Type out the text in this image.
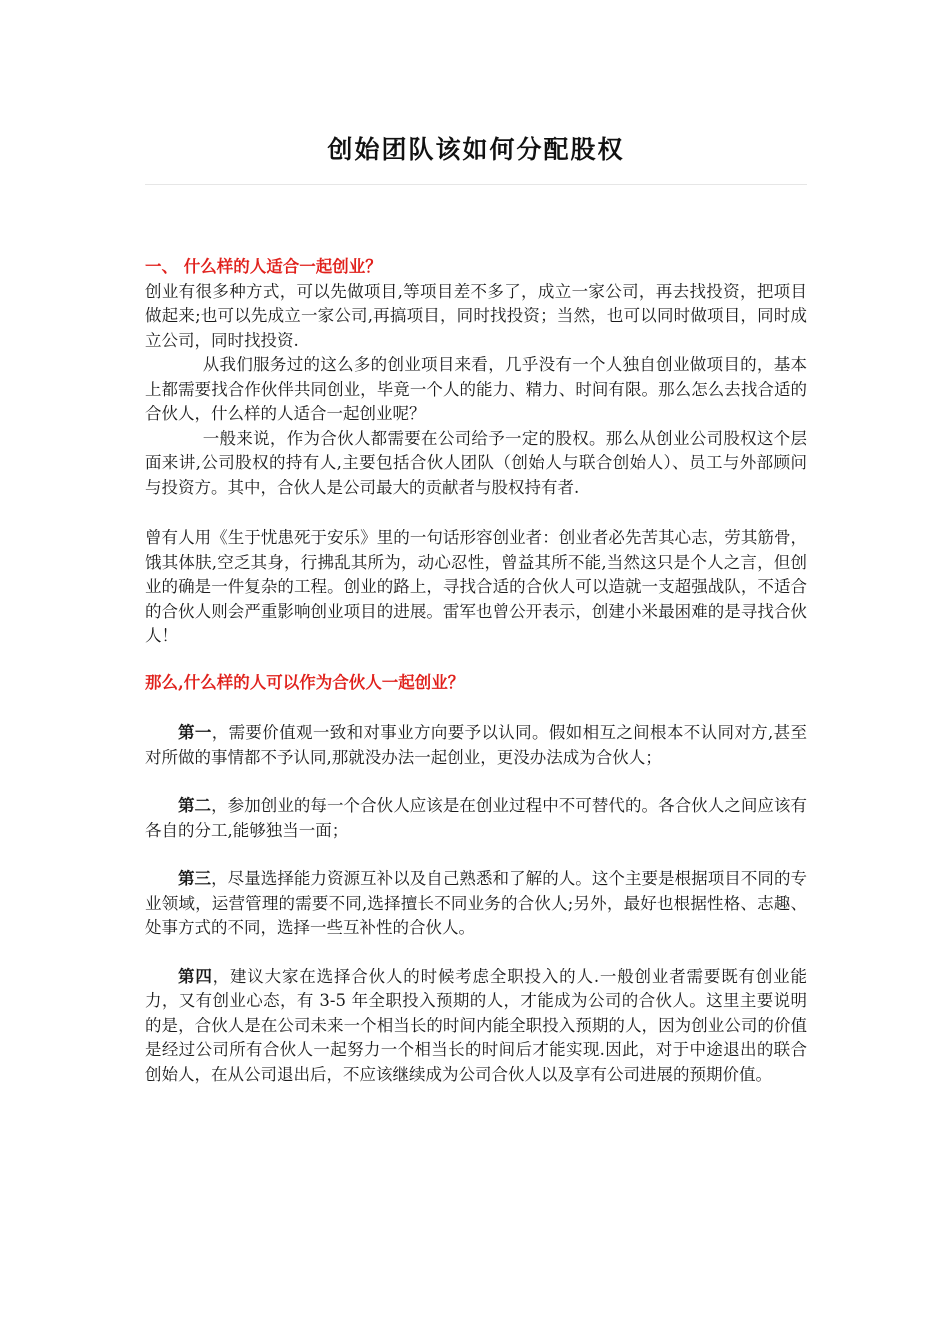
创始团队该如何分配股权
一、 什么样的人适合一起创业？

创业有很多种方式，可以先做项目,等项目差不多了，成立一家公司，再去找投资，把项目做起来;也可以先成立一家公司,再搞项目，同时找投资；当然，也可以同时做项目，同时成立公司，同时找投资.

从我们服务过的这么多的创业项目来看，几乎没有一个人独自创业做项目的，基本上都需要找合作伙伴共同创业，毕竟一个人的能力、精力、时间有限。那么怎么去找合适的合伙人，什么样的人适合一起创业呢？

一般来说，作为合伙人都需要在公司给予一定的股权。那么从创业公司股权这个层面来讲,公司股权的持有人,主要包括合伙人团队（创始人与联合创始人）、员工与外部顾问与投资方。其中，合伙人是公司最大的贡献者与股权持有者.

曾有人用《生于忧患死于安乐》里的一句话形容创业者：创业者必先苦其心志，劳其筋骨，饿其体肤,空乏其身，行拂乱其所为，动心忍性，曾益其所不能,当然这只是个人之言，但创业的确是一件复杂的工程。创业的路上，寻找合适的合伙人可以造就一支超强战队，不适合的合伙人则会严重影响创业项目的进展。雷军也曾公开表示，创建小米最困难的是寻找合伙人！

那么,什么样的人可以作为合伙人一起创业？

第一，需要价值观一致和对事业方向要予以认同。假如相互之间根本不认同对方,甚至对所做的事情都不予认同,那就没办法一起创业，更没办法成为合伙人；

第二，参加创业的每一个合伙人应该是在创业过程中不可替代的。各合伙人之间应该有各自的分工,能够独当一面；

第三，尽量选择能力资源互补以及自己熟悉和了解的人。这个主要是根据项目不同的专业领域，运营管理的需要不同,选择擅长不同业务的合伙人;另外，最好也根据性格、志趣、处事方式的不同，选择一些互补性的合伙人。

第四，建议大家在选择合伙人的时候考虑全职投入的人.一般创业者需要既有创业能力，又有创业心态，有 3-5 年全职投入预期的人，才能成为公司的合伙人。这里主要说明的是，合伙人是在公司未来一个相当长的时间内能全职投入预期的人，因为创业公司的价值是经过公司所有合伙人一起努力一个相当长的时间后才能实现.因此，对于中途退出的联合创始人，在从公司退出后，不应该继续成为公司合伙人以及享有公司进展的预期价值。
